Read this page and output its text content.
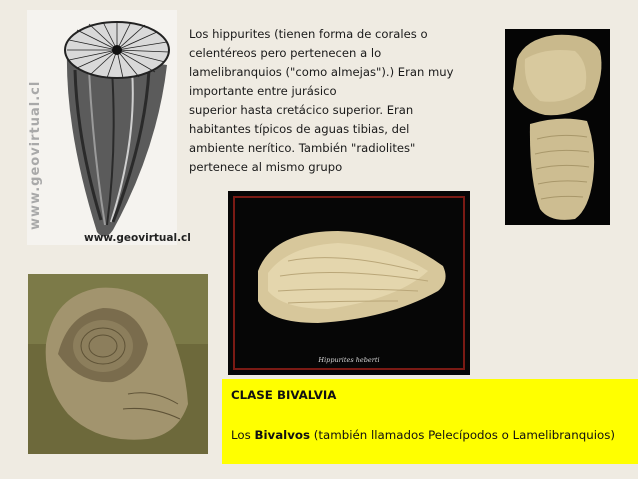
www.geovirtual.cl
www.geovirtual.cl

Los hippurites (tienen forma de corales o
celentéreos pero pertenecen a lo
lamelibranquios ("como almejas").) Eran muy
importante entre jurásico
superior hasta cretácico superior. Eran
habitantes típicos de aguas tibias, del
ambiente nerítico. También "radiolites"
pertenece al mismo grupo

Hippurites heberti
CLASE BIVALVIA
Los Bivalvos (también llamados Pelecípodos o Lamelibranquios)
